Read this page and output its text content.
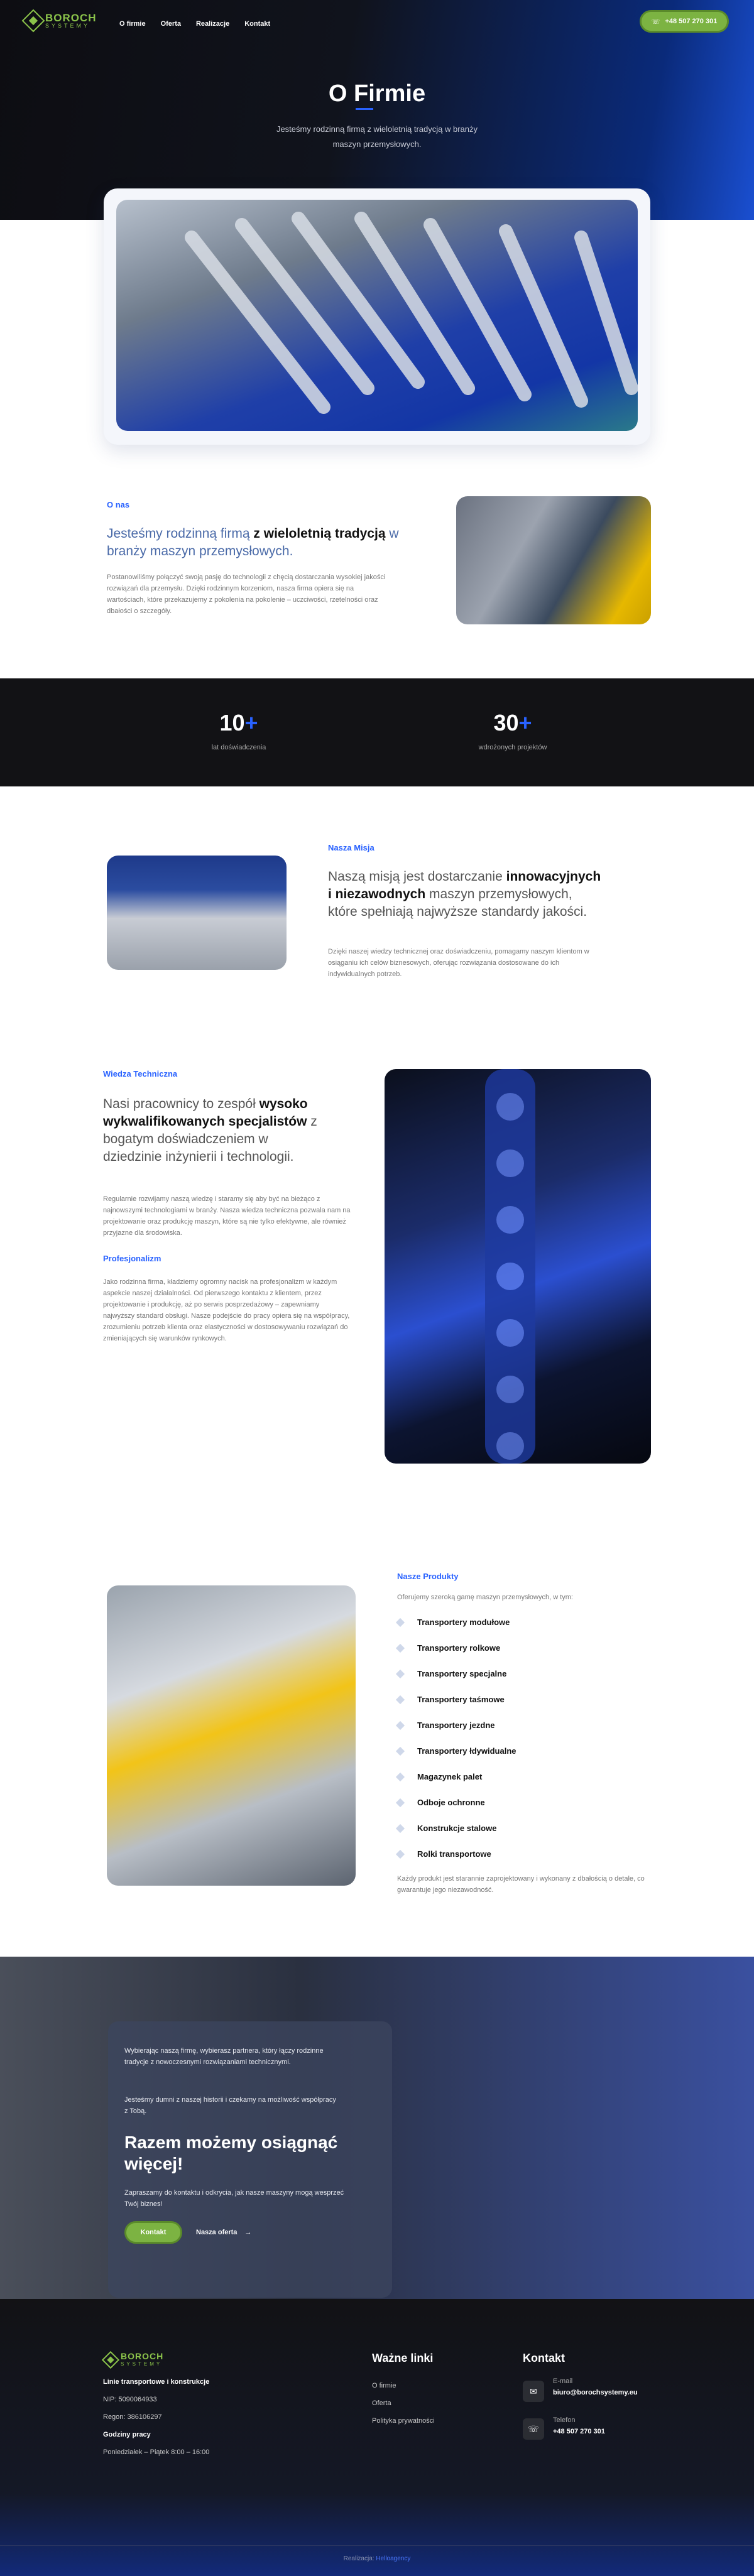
BOROCH
SYSTEMY	O firmie Oferta Realizacje Kontakt	☏ +48 507 270 301
O Firmie
Jesteśmy rodzinną firmą z wieloletnią tradycją w branży
maszyn przemysłowych.
O nas
Jesteśmy rodzinną firmą z wieloletnią tradycją w branży maszyn przemysłowych.
Postanowiliśmy połączyć swoją pasję do technologii z chęcią dostarczania wysokiej jakości rozwiązań dla przemysłu. Dzięki rodzinnym korzeniom, nasza firma opiera się na wartościach, które przekazujemy z pokolenia na pokolenie – uczciwości, rzetelności oraz dbałości o szczegóły.
10+
lat doświadczenia
30+
wdrożonych projektów
Nasza Misja
Naszą misją jest dostarczanie innowacyjnych i niezawodnych maszyn przemysłowych, które spełniają najwyższe standardy jakości.
Dzięki naszej wiedzy technicznej oraz doświadczeniu, pomagamy naszym klientom w osiąganiu ich celów biznesowych, oferując rozwiązania dostosowane do ich indywidualnych potrzeb.
Wiedza Techniczna
Nasi pracownicy to zespół wysoko wykwalifikowanych specjalistów z bogatym doświadczeniem w dziedzinie inżynierii i technologii.
Regularnie rozwijamy naszą wiedzę i staramy się aby być na bieżąco z najnowszymi technologiami w branży. Nasza wiedza techniczna pozwala nam na projektowanie oraz produkcję maszyn, które są nie tylko efektywne, ale również przyjazne dla środowiska.
Profesjonalizm
Jako rodzinna firma, kładziemy ogromny nacisk na profesjonalizm w każdym aspekcie naszej działalności. Od pierwszego kontaktu z klientem, przez projektowanie i produkcję, aż po serwis posprzedażowy – zapewniamy najwyższy standard obsługi. Nasze podejście do pracy opiera się na współpracy, zrozumieniu potrzeb klienta oraz elastyczności w dostosowywaniu rozwiązań do zmieniających się warunków rynkowych.
Nasze Produkty
Oferujemy szeroką gamę maszyn przemysłowych, w tym:
Transportery modułowe
Transportery rolkowe
Transportery specjalne
Transportery taśmowe
Transportery jezdne
Transportery łdywidualne
Magazynek palet
Odboje ochronne
Konstrukcje stalowe
Rolki transportowe
Każdy produkt jest starannie zaprojektowany i wykonany z dbałością o detale, co gwarantuje jego niezawodność.
Wybierając naszą firmę, wybierasz partnera, który łączy rodzinne tradycje z nowoczesnymi rozwiązaniami technicznymi.
Jesteśmy dumni z naszej historii i czekamy na możliwość współpracy z Tobą.
Razem możemy osiągnąć więcej!
Zapraszamy do kontaktu i odkrycia, jak nasze maszyny mogą wesprzeć Twój biznes!
Kontakt	Nasza oferta →
BOROCH
SYSTEMY
Linie transportowe i konstrukcje
NIP: 5090064933
Regon: 386106297
Godziny pracy
Poniedziałek – Piątek 8:00 – 16:00
Ważne linki
O firmie
Oferta
Polityka prywatności
Kontakt
✉
E-mail
biuro@borochsystemy.eu
☏
Telefon
+48 507 270 301
Realizacja: Helloagency
